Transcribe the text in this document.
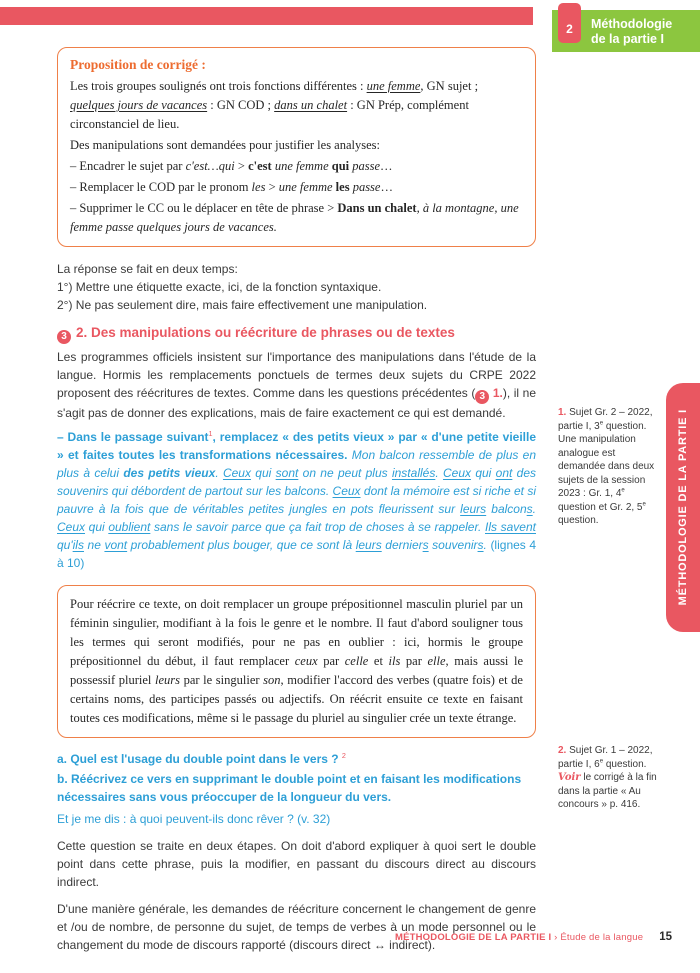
Méthodologie
de la partie I
2
MÉTHODOLOGIE DE LA PARTIE I
Proposition de corrigé :

Les trois groupes soulignés ont trois fonctions différentes : une femme, GN sujet ; quelques jours de vacances : GN COD ; dans un chalet : GN Prép, complément circonstanciel de lieu.

Des manipulations sont demandées pour justifier les analyses:

– Encadrer le sujet par c'est…qui > c'est une femme qui passe…

– Remplacer le COD par le pronom les > une femme les passe…

– Supprimer le CC ou le déplacer en tête de phrase > Dans un chalet, à la montagne, une femme passe quelques jours de vacances.

La réponse se fait en deux temps:
1°) Mettre une étiquette exacte, ici, de la fonction syntaxique.
2°) Ne pas seulement dire, mais faire effectivement une manipulation.
3 2. Des manipulations ou réécriture de phrases ou de textes

Les programmes officiels insistent sur l'importance des manipulations dans l'étude de la langue. Hormis les remplacements ponctuels de termes deux sujets du CRPE 2022 proposent des réécritures de textes. Comme dans les questions précédentes ( 3 1.), il ne s'agit pas de donner des explications, mais de faire exactement ce qui est demandé.

– Dans le passage suivant$^1$, remplacez « des petits vieux » par « d'une petite vieille » et faites toutes les transformations nécessaires. Mon balcon ressemble de plus en plus à celui des petits vieux. Ceux qui sont on ne peut plus installés. Ceux qui ont des souvenirs qui débordent de partout sur les balcons. Ceux dont la mémoire est si riche et si pauvre à la fois que de véritables petites jungles en pots fleurissent sur leurs balcons. Ceux qui oublient sans le savoir parce que ça fait trop de choses à se rappeler. Ils savent qu'ils ne vont probablement plus bouger, que ce sont là leurs derniers souvenirs. (lignes 4 à 10)

Pour réécrire ce texte, on doit remplacer un groupe prépositionnel masculin pluriel par un féminin singulier, modifiant à la fois le genre et le nombre. Il faut d'abord souligner tous les termes qui seront modifiés, pour ne pas en oublier : ici, hormis le groupe prépositionnel du début, il faut remplacer ceux par celle et ils par elle, mais aussi le possessif pluriel leurs par le singulier son, modifier l'accord des verbes (quatre fois) et de certains noms, des participes passés ou adjectifs. On réécrit ensuite ce texte en faisant toutes ces modifications, même si le passage du pluriel au singulier crée un texte étrange.

a. Quel est l'usage du double point dans le vers ? $^2$
b. Réécrivez ce vers en supprimant le double point et en faisant les modifications nécessaires sans vous préoccuper de la longueur du vers.
Et je me dis : à quoi peuvent-ils donc rêver ? (v. 32)

Cette question se traite en deux étapes. On doit d'abord expliquer à quoi sert le double point dans cette phrase, puis la modifier, en passant du discours direct au discours indirect.

D'une manière générale, les demandes de réécriture concernent le changement de genre et /ou de nombre, de personne du sujet, de temps de verbes à un mode personnel ou le changement du mode de discours rapporté (discours direct ↔ indirect).

1. Sujet Gr. 2 – 2022, partie I, 3e question. Une manipulation analogue est demandée dans deux sujets de la session 2023 : Gr. 1, 4e question et Gr. 2, 5e question.
2. Sujet Gr. 1 – 2022, partie I, 6e question. Voir le corrigé à la fin dans la partie « Au concours » p. 416.
MÉTHODOLOGIE DE LA PARTIE I › Étude de la langue 15
